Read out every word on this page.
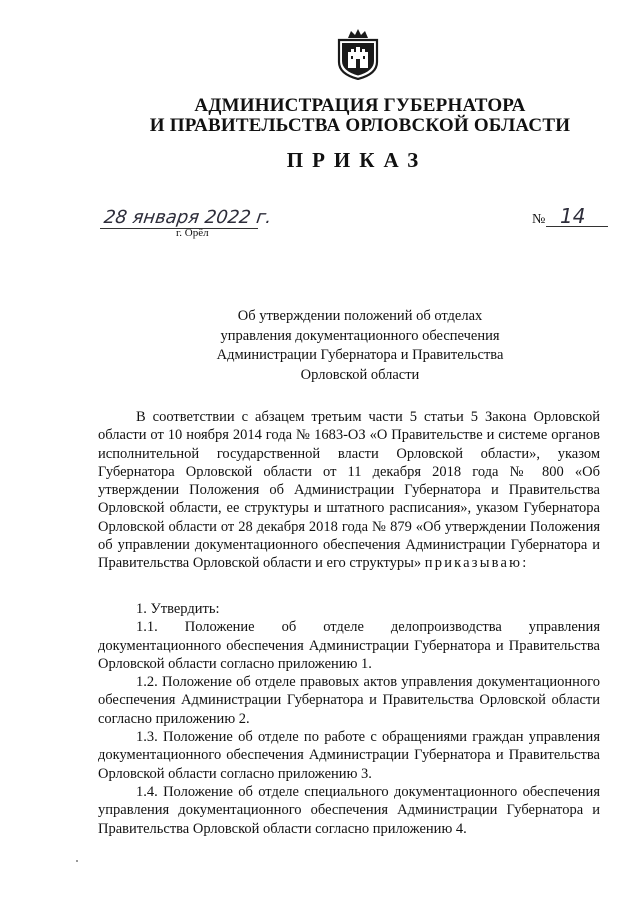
АДМИНИСТРАЦИЯ ГУБЕРНАТОРА
И ПРАВИТЕЛЬСТВА ОРЛОВСКОЙ ОБЛАСТИ
ПРИКАЗ
28 января 2022 г.
г. Орёл
№ 14
Об утверждении положений об отделах
управления документационного обеспечения
Администрации Губернатора и Правительства
Орловской области
В соответствии с абзацем третьим части 5 статьи 5 Закона Орловской области от 10 ноября 2014 года № 1683-ОЗ «О Правительстве и системе органов исполнительной государственной власти Орловской области», указом Губернатора Орловской области от 11 декабря 2018 года № 800 «Об утверждении Положения об Администрации Губернатора и Правительства Орловской области, ее структуры и штатного расписания», указом Губернатора Орловской области от 28 декабря 2018 года № 879 «Об утверждении Положения об управлении документационного обеспечения Администрации Губернатора и Правительства Орловской области и его структуры» приказываю:

1. Утвердить:

1.1. Положение об отделе делопроизводства управления документационного обеспечения Администрации Губернатора и Правительства Орловской области согласно приложению 1.

1.2. Положение об отделе правовых актов управления документационного обеспечения Администрации Губернатора и Правительства Орловской области согласно приложению 2.

1.3. Положение об отделе по работе с обращениями граждан управления документационного обеспечения Администрации Губернатора и Правительства Орловской области согласно приложению 3.

1.4. Положение об отделе специального документационного обеспечения управления документационного обеспечения Администрации Губернатора и Правительства Орловской области согласно приложению 4.
